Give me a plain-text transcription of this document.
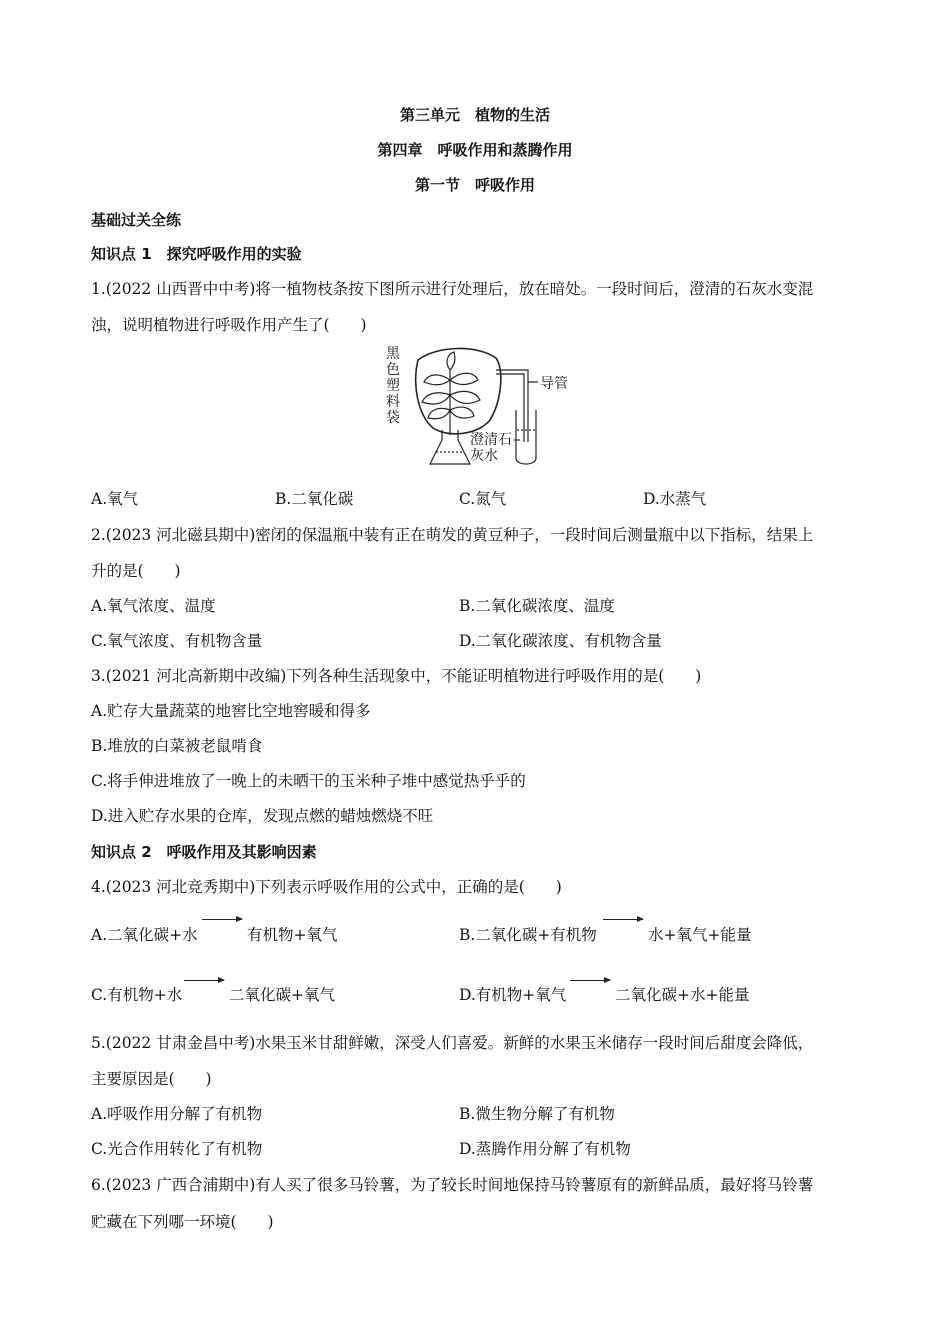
第三单元　植物的生活
第四章　呼吸作用和蒸腾作用
第一节　呼吸作用
基础过关全练
知识点 1　探究呼吸作用的实验
1.(2022 山西晋中中考)将一植物枝条按下图所示进行处理后，放在暗处。一段时间后，澄清的石灰水变混
浊，说明植物进行呼吸作用产生了(　　)
黑色塑料袋
导管
澄清石
灰水
A.氧气	B.二氧化碳	C.氮气	D.水蒸气
2.(2023 河北磁县期中)密闭的保温瓶中装有正在萌发的黄豆种子，一段时间后测量瓶中以下指标，结果上
升的是(　　)
A.氧气浓度、温度	B.二氧化碳浓度、温度
C.氧气浓度、有机物含量	D.二氧化碳浓度、有机物含量
3.(2021 河北高新期中改编)下列各种生活现象中，不能证明植物进行呼吸作用的是(　　)
A.贮存大量蔬菜的地窖比空地窖暖和得多
B.堆放的白菜被老鼠啃食
C.将手伸进堆放了一晚上的未晒干的玉米种子堆中感觉热乎乎的
D.进入贮存水果的仓库，发现点燃的蜡烛燃烧不旺
知识点 2　呼吸作用及其影响因素
4.(2023 河北竞秀期中)下列表示呼吸作用的公式中，正确的是(　　)
A.二氧化碳+水	有机物+氧气	B.二氧化碳+有机物	水+氧气+能量
C.有机物+水	二氧化碳+氧气	D.有机物+氧气	二氧化碳+水+能量
5.(2022 甘肃金昌中考)水果玉米甘甜鲜嫩，深受人们喜爱。新鲜的水果玉米储存一段时间后甜度会降低，
主要原因是(　　)
A.呼吸作用分解了有机物	B.微生物分解了有机物
C.光合作用转化了有机物	D.蒸腾作用分解了有机物
6.(2023 广西合浦期中)有人买了很多马铃薯，为了较长时间地保持马铃薯原有的新鲜品质，最好将马铃薯
贮藏在下列哪一环境(　　)
